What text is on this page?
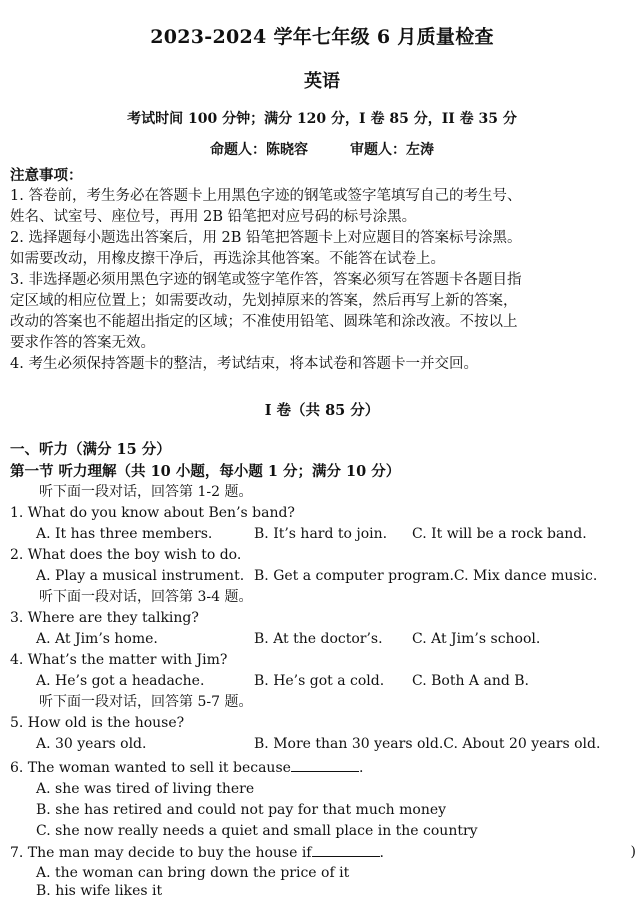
2023-2024 学年七年级 6 月质量检查
英语
考试时间 100 分钟；满分 120 分，I 卷 85 分，II 卷 35 分
命题人：陈晓容　　　审题人：左涛
注意事项：
1. 答卷前，考生务必在答题卡上用黑色字迹的钢笔或签字笔填写自己的考生号、
姓名、试室号、座位号，再用 2B 铅笔把对应号码的标号涂黑。
2. 选择题每小题选出答案后，用 2B 铅笔把答题卡上对应题目的答案标号涂黑。
如需要改动，用橡皮擦干净后，再选涂其他答案。不能答在试卷上。
3. 非选择题必须用黑色字迹的钢笔或签字笔作答，答案必须写在答题卡各题目指
定区域的相应位置上；如需要改动，先划掉原来的答案，然后再写上新的答案，
改动的答案也不能超出指定的区域；不准使用铅笔、圆珠笔和涂改液。不按以上
要求作答的答案无效。
4. 考生必须保持答题卡的整洁，考试结束，将本试卷和答题卡一并交回。
I 卷（共 85 分）
一、听力（满分 15 分）
第一节 听力理解（共 10 小题，每小题 1 分；满分 10 分）
听下面一段对话，回答第 1-2 题。
1. What do you know about Ben’s band?
A. It has three members.	B. It’s hard to join. C. It will be a rock band.
2. What does the boy wish to do.
A. Play a musical instrument. B. Get a computer program.C. Mix dance music.
听下面一段对话，回答第 3-4 题。
3. Where are they talking?
A. At Jim’s home.	B. At the doctor’s. C. At Jim’s school.
4. What’s the matter with Jim?
A. He’s got a headache.	B. He’s got a cold. C. Both A and B.
听下面一段对话，回答第 5-7 题。
5. How old is the house?
A. 30 years old.	B. More than 30 years old.C. About 20 years old.
6. The woman wanted to sell it because	.
A. she was tired of living there
B. she has retired and could not pay for that much money
C. she now really needs a quiet and small place in the country
7. The man may decide to buy the house if	.
A. the woman can bring down the price of it
B. his wife likes it
)
